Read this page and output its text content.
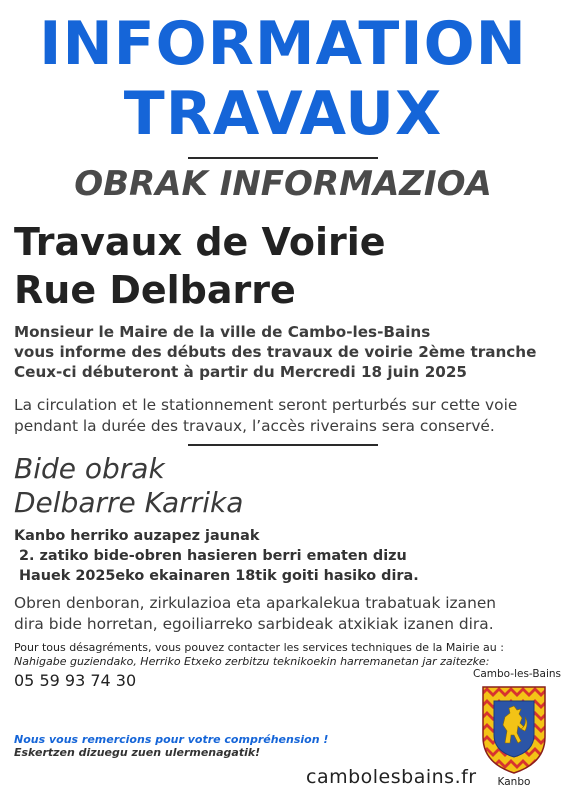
INFORMATION
TRAVAUX
OBRAK INFORMAZIOA
Travaux de Voirie
Rue Delbarre
Monsieur le Maire de la ville de Cambo-les-Bains
vous informe des débuts des travaux de voirie 2ème tranche
Ceux-ci débuteront à partir du Mercredi 18 juin 2025
La circulation et le stationnement seront perturbés sur cette voie
pendant la durée des travaux, l’accès riverains sera conservé.
Bide obrak
Delbarre Karrika
Kanbo herriko auzapez jaunak
2. zatiko bide-obren hasieren berri ematen dizu
Hauek 2025eko ekainaren 18tik goiti hasiko dira.
Obren denboran, zirkulazioa eta aparkalekua trabatuak izanen
dira bide horretan, egoiliarreko sarbideak atxikiak izanen dira.
Pour tous désagréments, vous pouvez contacter les services techniques de la Mairie au :
Nahigabe guziendako, Herriko Etxeko zerbitzu teknikoekin harremanetan jar zaitezke:
05 59 93 74 30
Nous vous remercions pour votre compréhension !
Eskertzen dizuegu zuen ulermenagatik!
cambolesbains.fr
Cambo-les-Bains
Kanbo
